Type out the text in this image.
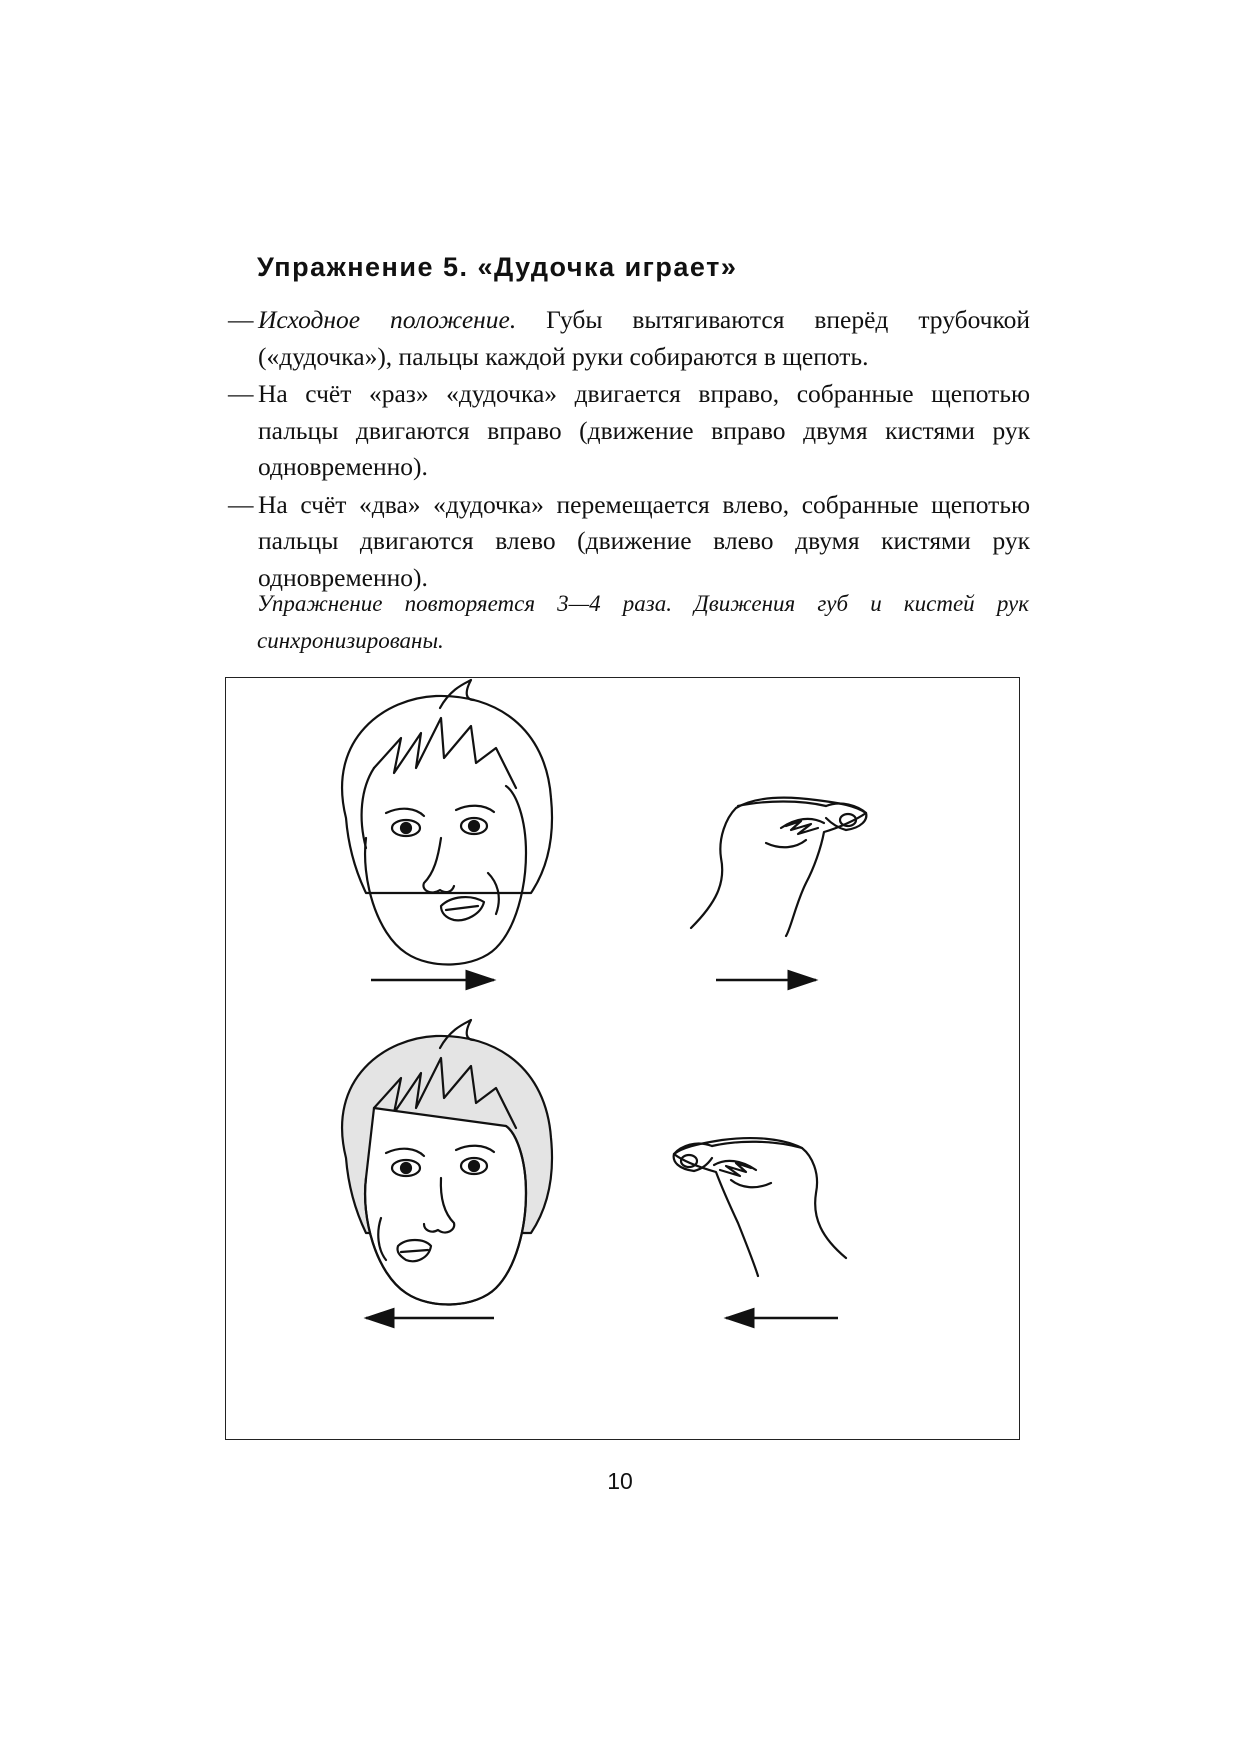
Упражнение 5. «Дудочка играет»
— Исходное положение. Губы вытягиваются вперёд трубочкой («дудочка»), пальцы каждой руки собираются в щепоть.
— На счёт «раз» «дудочка» двигается вправо, собранные щепотью пальцы двигаются вправо (движение вправо двумя кистями рук одновременно).
— На счёт «два» «дудочка» перемещается влево, собранные щепотью пальцы двигаются влево (движение влево двумя кистями рук одновременно).

Упражнение повторяется 3—4 раза. Движения губ и кистей рук синхронизированы.

10
